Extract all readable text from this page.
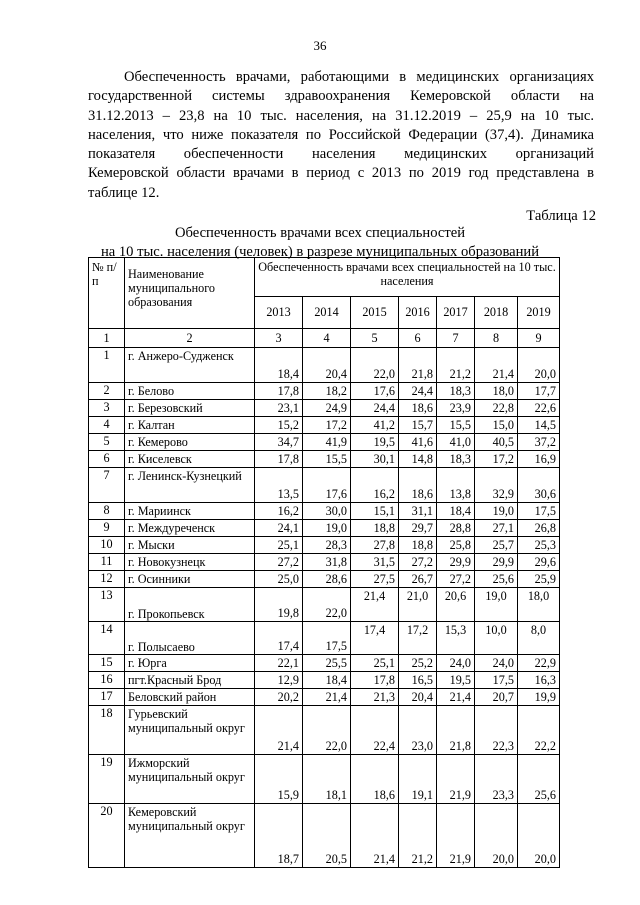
36
Обеспеченность врачами, работающими в медицинских организациях
государственной системы здравоохранения Кемеровской области на
31.12.2013 – 23,8 на 10 тыс. населения, на 31.12.2019 – 25,9 на 10 тыс.
населения, что ниже показателя по Российской Федерации (37,4). Динамика
показателя обеспеченности населения медицинских организаций
Кемеровской области врачами в период с 2013 по 2019 год представлена в
таблице 12.
Таблица 12
Обеспеченность врачами всех специальностей
на 10 тыс. населения (человек) в разрезе муниципальных образований
№ п/п	Наименование муниципального образования	Обеспеченность врачами всех специальностей на 10 тыс. населения						
		2013	2014	2015	2016	2017	2018	2019
1	2	3	4	5	6	7	8	9
1	г. Анжеро-Судженск	18,4	20,4	22,0	21,8	21,2	21,4	20,0
2	г. Белово	17,8	18,2	17,6	24,4	18,3	18,0	17,7
3	г. Березовский	23,1	24,9	24,4	18,6	23,9	22,8	22,6
4	г. Калтан	15,2	17,2	41,2	15,7	15,5	15,0	14,5
5	г. Кемерово	34,7	41,9	19,5	41,6	41,0	40,5	37,2
6	г. Киселевск	17,8	15,5	30,1	14,8	18,3	17,2	16,9
7	г. Ленинск-Кузнецкий	13,5	17,6	16,2	18,6	13,8	32,9	30,6
8	г. Мариинск	16,2	30,0	15,1	31,1	18,4	19,0	17,5
9	г. Междуреченск	24,1	19,0	18,8	29,7	28,8	27,1	26,8
10	г. Мыски	25,1	28,3	27,8	18,8	25,8	25,7	25,3
11	г. Новокузнецк	27,2	31,8	31,5	27,2	29,9	29,9	29,6
12	г. Осинники	25,0	28,6	27,5	26,7	27,2	25,6	25,9
13	г. Прокопьевск	19,8	22,0	21,4	21,0	20,6	19,0	18,0
14	г. Полысаево	17,4	17,5	17,4	17,2	15,3	10,0	8,0
15	г. Юрга	22,1	25,5	25,1	25,2	24,0	24,0	22,9
16	пгт.Красный Брод	12,9	18,4	17,8	16,5	19,5	17,5	16,3
17	Беловский район	20,2	21,4	21,3	20,4	21,4	20,7	19,9
18	Гурьевский муниципальный округ	21,4	22,0	22,4	23,0	21,8	22,3	22,2
19	Ижморский муниципальный округ	15,9	18,1	18,6	19,1	21,9	23,3	25,6
20	Кемеровский муниципальный округ	18,7	20,5	21,4	21,2	21,9	20,0	20,0
